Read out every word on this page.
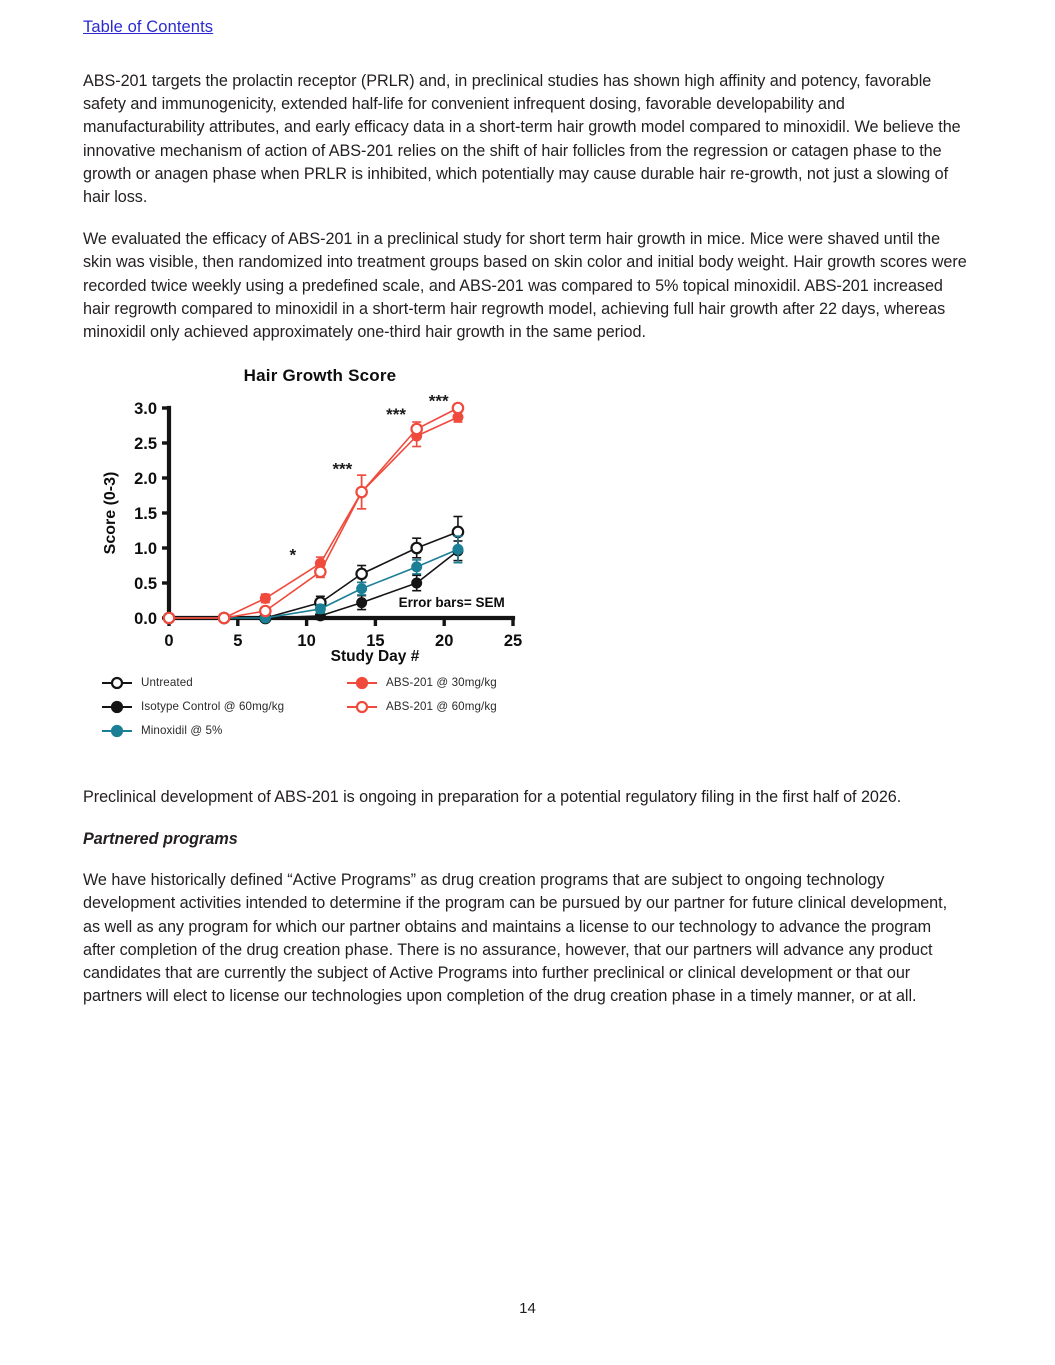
Table of Contents

ABS-201 targets the prolactin receptor (PRLR) and, in preclinical studies has shown high affinity and potency, favorable safety and immunogenicity, extended half-life for convenient infrequent dosing, favorable developability and manufacturability attributes, and early efficacy data in a short-term hair growth model compared to minoxidil. We believe the innovative mechanism of action of ABS-201 relies on the shift of hair follicles from the regression or catagen phase to the growth or anagen phase when PRLR is inhibited, which potentially may cause durable hair re-growth, not just a slowing of hair loss.

We evaluated the efficacy of ABS-201 in a preclinical study for short term hair growth in mice. Mice were shaved until the skin was visible, then randomized into treatment groups based on skin color and initial body weight. Hair growth scores were recorded twice weekly using a predefined scale, and ABS-201 was compared to 5% topical minoxidil. ABS-201 increased hair regrowth compared to minoxidil in a short-term hair regrowth model, achieving full hair growth after 22 days, whereas minoxidil only achieved approximately one-third hair growth in the same period.

Hair Growth Score
0.0
0.5
1.0
1.5
2.0
2.5
3.0
0	5	10	15	20	25
Score (0-3)
*
***
***
***
Error bars= SEM
Study Day #
Untreated	ABS-201 @ 30mg/kg
Isotype Control @ 60mg/kg	ABS-201 @ 60mg/kg
Minoxidil @ 5%

Preclinical development of ABS-201 is ongoing in preparation for a potential regulatory filing in the first half of 2026.

Partnered programs

We have historically defined “Active Programs” as drug creation programs that are subject to ongoing technology development activities intended to determine if the program can be pursued by our partner for future clinical development, as well as any program for which our partner obtains and maintains a license to our technology to advance the program after completion of the drug creation phase. There is no assurance, however, that our partners will advance any product candidates that are currently the subject of Active Programs into further preclinical or clinical development or that our partners will elect to license our technologies upon completion of the drug creation phase in a timely manner, or at all.

14
